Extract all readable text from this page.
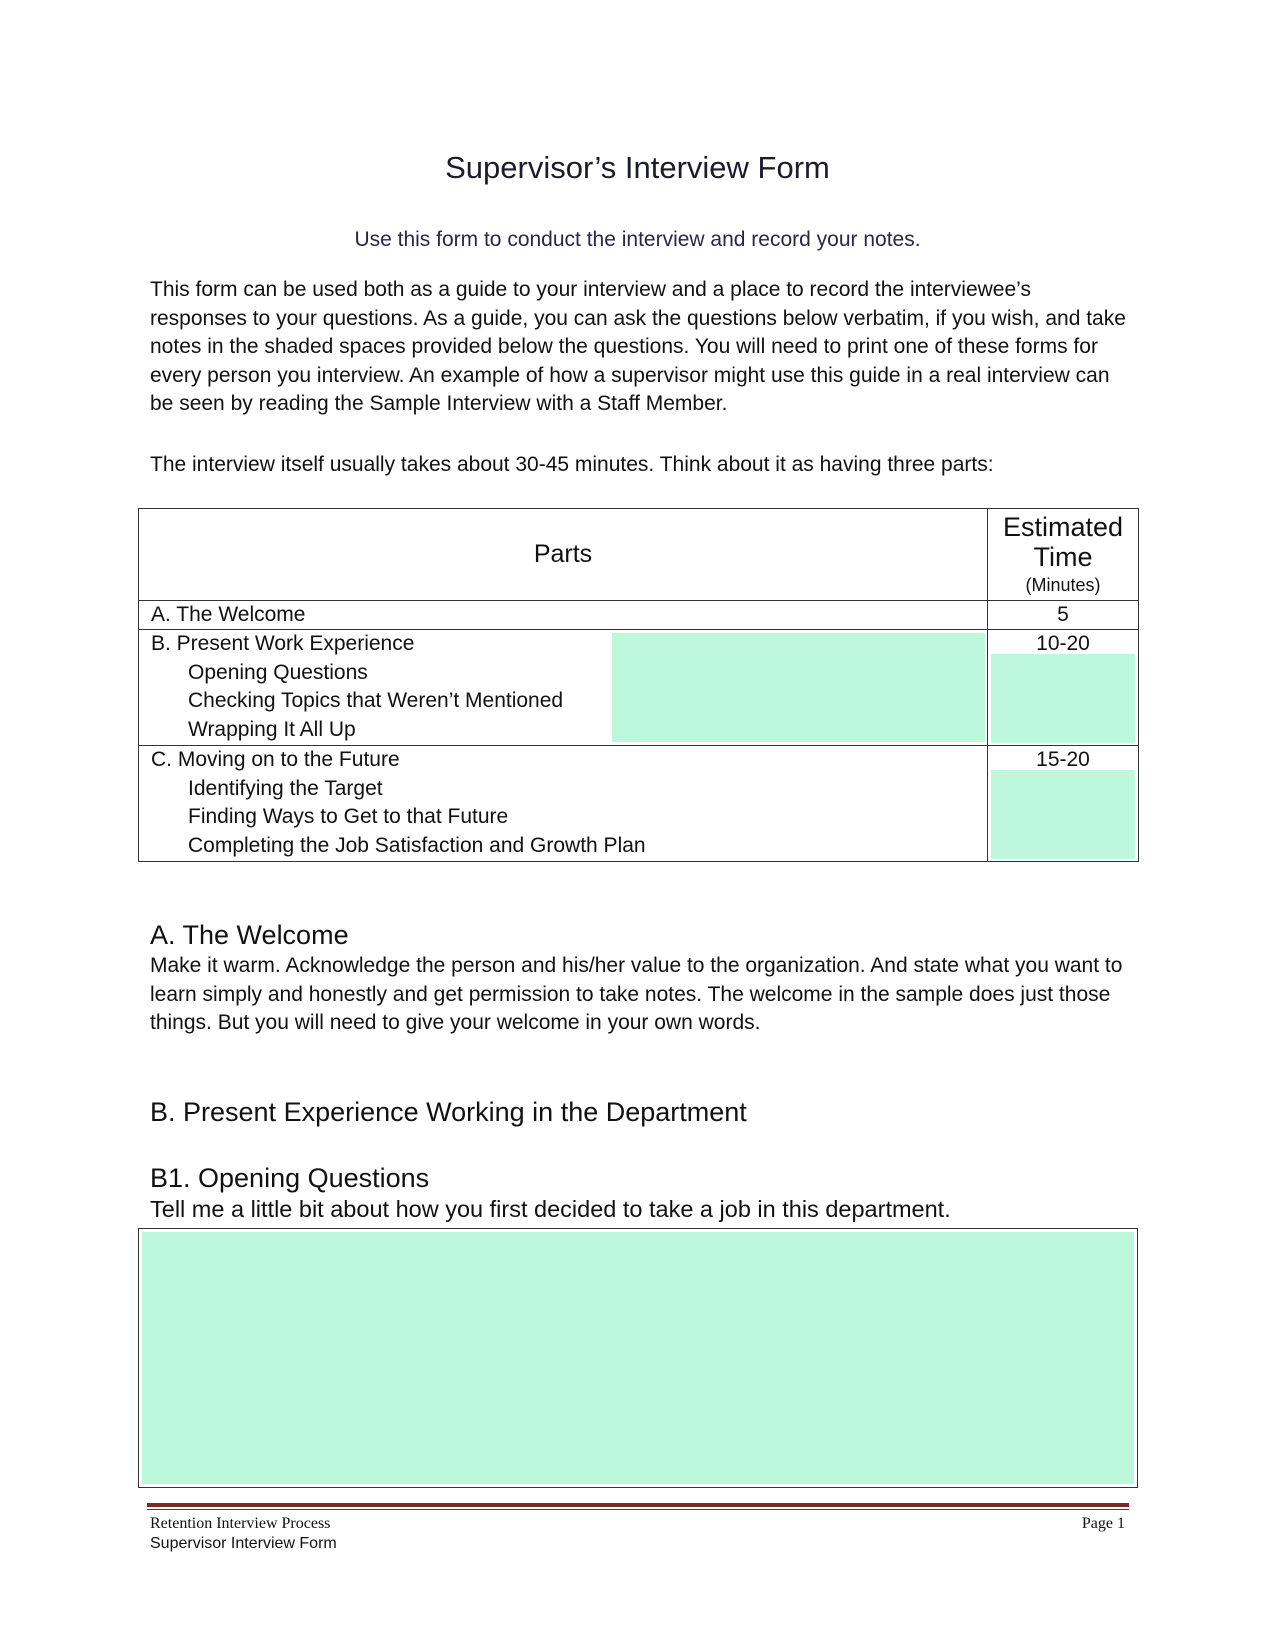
Supervisor’s Interview Form
Use this form to conduct the interview and record your notes.

This form can be used both as a guide to your interview and a place to record the interviewee’s responses to your questions. As a guide, you can ask the questions below verbatim, if you wish, and take notes in the shaded spaces provided below the questions. You will need to print one of these forms for every person you interview. An example of how a supervisor might use this guide in a real interview can be seen by reading the Sample Interview with a Staff Member.

The interview itself usually takes about 30-45 minutes. Think about it as having three parts:

Parts	Estimated
Time
(Minutes)

A. The Welcome	5

B. Present Work Experience
Opening Questions
Checking Topics that Weren’t Mentioned
Wrapping It All Up	10-20

C. Moving on to the Future
Identifying the Target
Finding Ways to Get to that Future
Completing the Job Satisfaction and Growth Plan	15-20
A. The Welcome

Make it warm. Acknowledge the person and his/her value to the organization. And state what you want to learn simply and honestly and get permission to take notes. The welcome in the sample does just those things. But you will need to give your welcome in your own words.

B. Present Experience Working in the Department
B1. Opening Questions

Tell me a little bit about how you first decided to take a job in this department.

Retention Interview Process
Supervisor Interview Form
Page 1
